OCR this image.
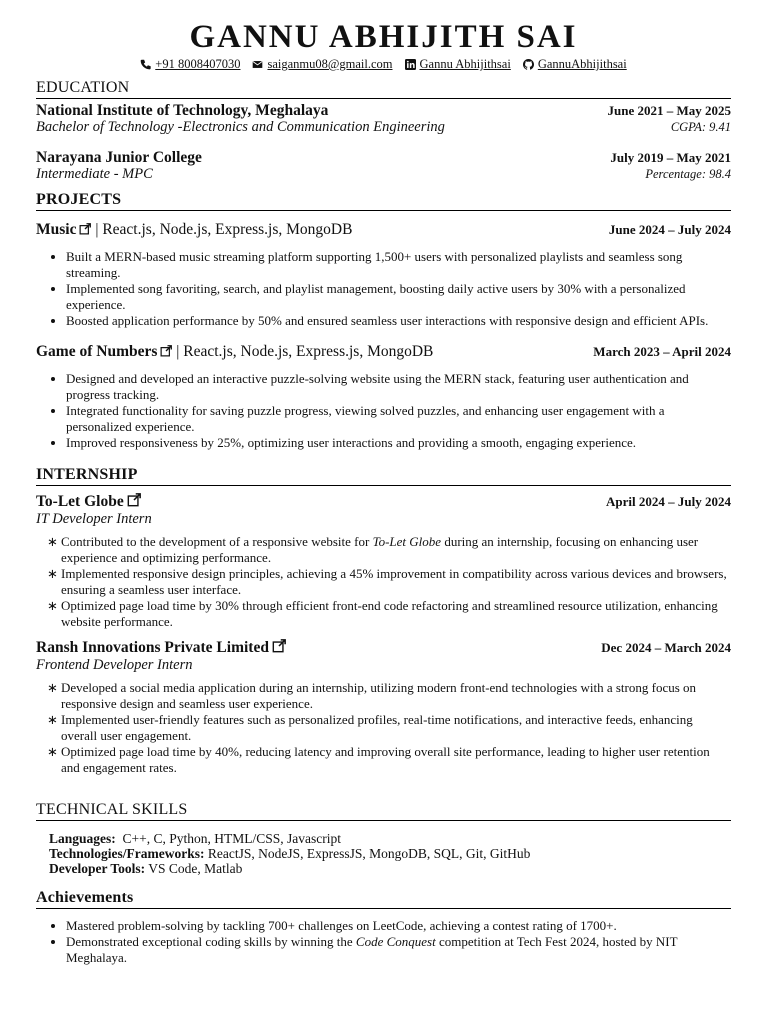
GANNU ABHIJITH SAI
+91 8008407030 saiganmu08@gmail.com Gannu Abhijithsai GannuAbhijithsai
EDUCATION
National Institute of Technology, Meghalaya	June 2021 – May 2025
Bachelor of Technology -Electronics and Communication Engineering	CGPA: 9.41
Narayana Junior College	July 2019 – May 2021
Intermediate - MPC	Percentage: 98.4
PROJECTS
Music | React.js, Node.js, Express.js, MongoDB	June 2024 – July 2024
• Built a MERN-based music streaming platform supporting 1,500+ users with personalized playlists and seamless song streaming.
• Implemented song favoriting, search, and playlist management, boosting daily active users by 30% with a personalized experience.
• Boosted application performance by 50% and ensured seamless user interactions with responsive design and efficient APIs.
Game of Numbers | React.js, Node.js, Express.js, MongoDB	March 2023 – April 2024
• Designed and developed an interactive puzzle-solving website using the MERN stack, featuring user authentication and progress tracking.
• Integrated functionality for saving puzzle progress, viewing solved puzzles, and enhancing user engagement with a personalized experience.
• Improved responsiveness by 25%, optimizing user interactions and providing a smooth, engaging experience.
INTERNSHIP
To-Let Globe	April 2024 – July 2024
IT Developer Intern
∗ Contributed to the development of a responsive website for To-Let Globe during an internship, focusing on enhancing user experience and optimizing performance.
∗ Implemented responsive design principles, achieving a 45% improvement in compatibility across various devices and browsers, ensuring a seamless user interface.
∗ Optimized page load time by 30% through efficient front-end code refactoring and streamlined resource utilization, enhancing website performance.
Ransh Innovations Private Limited	Dec 2024 – March 2024
Frontend Developer Intern
∗ Developed a social media application during an internship, utilizing modern front-end technologies with a strong focus on responsive design and seamless user experience.
∗ Implemented user-friendly features such as personalized profiles, real-time notifications, and interactive feeds, enhancing overall user engagement.
∗ Optimized page load time by 40%, reducing latency and improving overall site performance, leading to higher user retention and engagement rates.
TECHNICAL SKILLS
Languages: C++, C, Python, HTML/CSS, Javascript
Technologies/Frameworks: ReactJS, NodeJS, ExpressJS, MongoDB, SQL, Git, GitHub
Developer Tools: VS Code, Matlab
Achievements
• Mastered problem-solving by tackling 700+ challenges on LeetCode, achieving a contest rating of 1700+.
• Demonstrated exceptional coding skills by winning the Code Conquest competition at Tech Fest 2024, hosted by NIT Meghalaya.
